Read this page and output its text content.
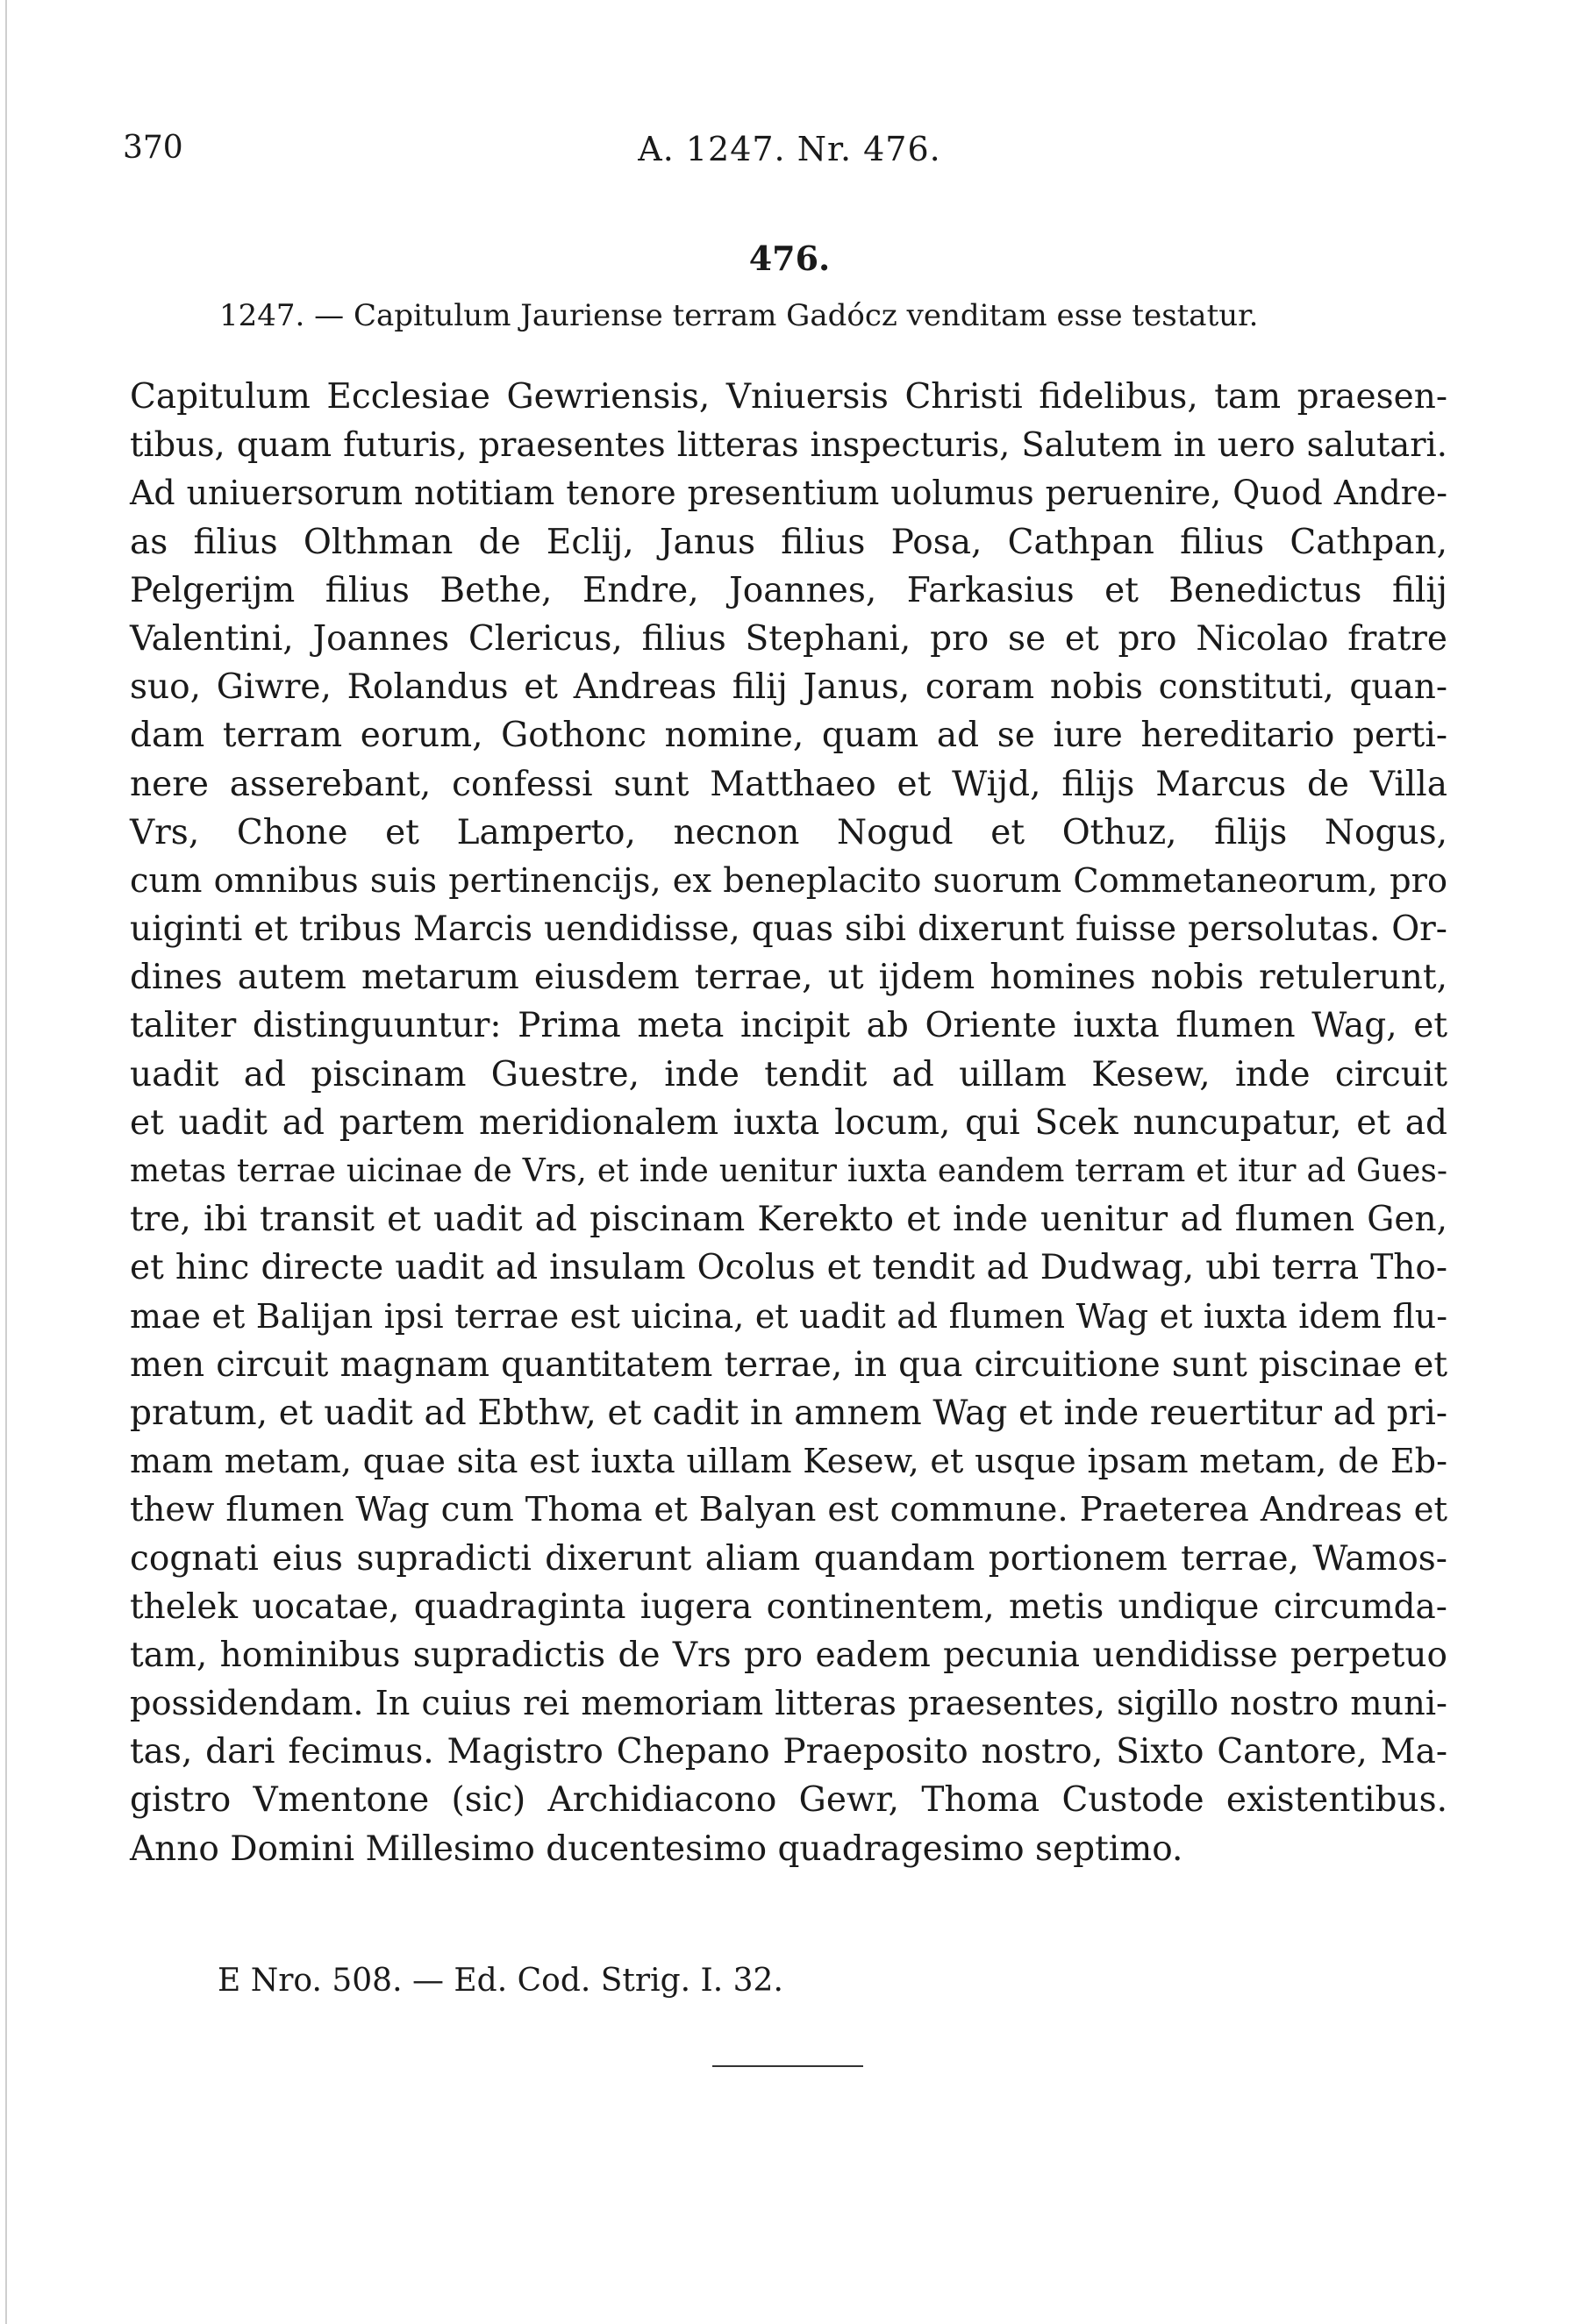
370	A. 1247. Nr. 476.
476.
1247. — Capitulum Jauriense terram Gadócz venditam esse testatur.
Capitulum Ecclesiae Gewriensis, Vniuersis Christi fidelibus, tam praesen-
tibus, quam futuris, praesentes litteras inspecturis, Salutem in uero salutari.
Ad uniuersorum notitiam tenore presentium uolumus peruenire, Quod Andre-
as filius Olthman de Eclij, Janus filius Posa, Cathpan filius Cathpan,
Pelgerijm filius Bethe, Endre, Joannes, Farkasius et Benedictus filij
Valentini, Joannes Clericus, filius Stephani, pro se et pro Nicolao fratre
suo, Giwre, Rolandus et Andreas filij Janus, coram nobis constituti, quan-
dam terram eorum, Gothonc nomine, quam ad se iure hereditario perti-
nere asserebant, confessi sunt Matthaeo et Wijd, filijs Marcus de Villa
Vrs, Chone et Lamperto, necnon Nogud et Othuz, filijs Nogus,
cum omnibus suis pertinencijs, ex beneplacito suorum Commetaneorum, pro
uiginti et tribus Marcis uendidisse, quas sibi dixerunt fuisse persolutas. Or-
dines autem metarum eiusdem terrae, ut ijdem homines nobis retulerunt,
taliter distinguuntur: Prima meta incipit ab Oriente iuxta flumen Wag, et
uadit ad piscinam Guestre, inde tendit ad uillam Kesew, inde circuit
et uadit ad partem meridionalem iuxta locum, qui Scek nuncupatur, et ad
metas terrae uicinae de Vrs, et inde uenitur iuxta eandem terram et itur ad Gues-
tre, ibi transit et uadit ad piscinam Kerekto et inde uenitur ad flumen Gen,
et hinc directe uadit ad insulam Ocolus et tendit ad Dudwag, ubi terra Tho-
mae et Balijan ipsi terrae est uicina, et uadit ad flumen Wag et iuxta idem flu-
men circuit magnam quantitatem terrae, in qua circuitione sunt piscinae et
pratum, et uadit ad Ebthw, et cadit in amnem Wag et inde reuertitur ad pri-
mam metam, quae sita est iuxta uillam Kesew, et usque ipsam metam, de Eb-
thew flumen Wag cum Thoma et Balyan est commune. Praeterea Andreas et
cognati eius supradicti dixerunt aliam quandam portionem terrae, Wamos-
thelek uocatae, quadraginta iugera continentem, metis undique circumda-
tam, hominibus supradictis de Vrs pro eadem pecunia uendidisse perpetuo
possidendam. In cuius rei memoriam litteras praesentes, sigillo nostro muni-
tas, dari fecimus. Magistro Chepano Praeposito nostro, Sixto Cantore, Ma-
gistro Vmentone (sic) Archidiacono Gewr, Thoma Custode existentibus.
Anno Domini Millesimo ducentesimo quadragesimo septimo.
E Nro. 508. — Ed. Cod. Strig. I. 32.
